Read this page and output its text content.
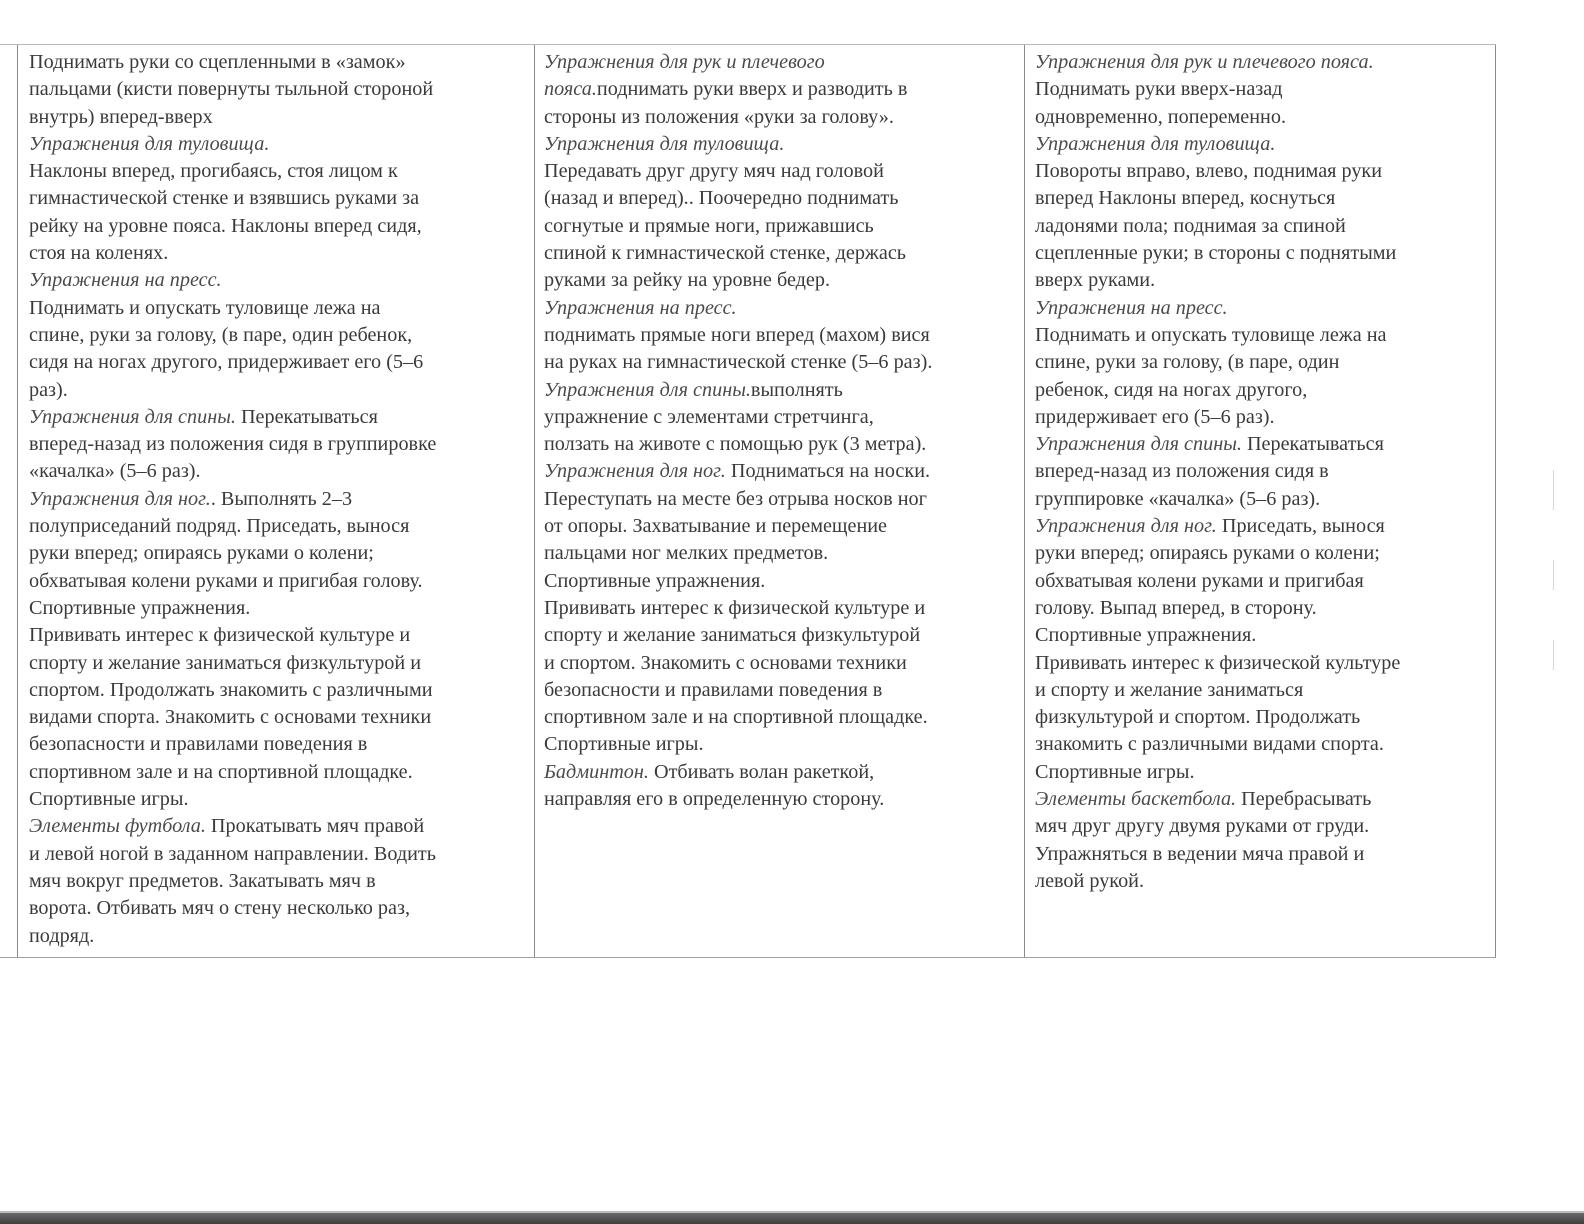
Поднимать руки со сцепленными в «замок»
пальцами (кисти повернуты тыльной стороной
внутрь) вперед-вверх
Упражнения для туловища.
Наклоны вперед, прогибаясь, стоя лицом к
гимнастической стенке и взявшись руками за
рейку на уровне пояса. Наклоны вперед сидя,
стоя на коленях.
Упражнения на пресс.
Поднимать и опускать туловище лежа на
спине, руки за голову, (в паре, один ребенок,
сидя на ногах другого, придерживает его (5–6
раз).
Упражнения для спины. Перекатываться
вперед-назад из положения сидя в группировке
«качалка» (5–6 раз).
Упражнения для ног.. Выполнять 2–3
полуприседаний подряд. Приседать, вынося
руки вперед; опираясь руками о колени;
обхватывая колени руками и пригибая голову.
Спортивные упражнения.
Прививать интерес к физической культуре и
спорту и желание заниматься физкультурой и
спортом. Продолжать знакомить с различными
видами спорта. Знакомить с основами техники
безопасности и правилами поведения в
спортивном зале и на спортивной площадке.
Спортивные игры.
Элементы футбола. Прокатывать мяч правой
и левой ногой в заданном направлении. Водить
мяч вокруг предметов. Закатывать мяч в
ворота. Отбивать мяч о стену несколько раз,
подряд.
Упражнения для рук и плечевого
пояса.поднимать руки вверх и разводить в
стороны из положения «руки за голову».
Упражнения для туловища.
Передавать друг другу мяч над головой
(назад и вперед).. Поочередно поднимать
согнутые и прямые ноги, прижавшись
спиной к гимнастической стенке, держась
руками за рейку на уровне бедер.
Упражнения на пресс.
поднимать прямые ноги вперед (махом) вися
на руках на гимнастической стенке (5–6 раз).
Упражнения для спины.выполнять
упражнение с элементами стретчинга,
ползать на животе с помощью рук (3 метра).
Упражнения для ног. Подниматься на носки.
Переступать на месте без отрыва носков ног
от опоры. Захватывание и перемещение
пальцами ног мелких предметов.
Спортивные упражнения.
Прививать интерес к физической культуре и
спорту и желание заниматься физкультурой
и спортом. Знакомить с основами техники
безопасности и правилами поведения в
спортивном зале и на спортивной площадке.
Спортивные игры.
Бадминтон. Отбивать волан ракеткой,
направляя его в определенную сторону.
Упражнения для рук и плечевого пояса.
Поднимать руки вверх-назад
одновременно, попеременно.
Упражнения для туловища.
Повороты вправо, влево, поднимая руки
вперед Наклоны вперед, коснуться
ладонями пола; поднимая за спиной
сцепленные руки; в стороны с поднятыми
вверх руками.
Упражнения на пресс.
Поднимать и опускать туловище лежа на
спине, руки за голову, (в паре, один
ребенок, сидя на ногах другого,
придерживает его (5–6 раз).
Упражнения для спины. Перекатываться
вперед-назад из положения сидя в
группировке «качалка» (5–6 раз).
Упражнения для ног. Приседать, вынося
руки вперед; опираясь руками о колени;
обхватывая колени руками и пригибая
голову. Выпад вперед, в сторону.
Спортивные упражнения.
Прививать интерес к физической культуре
и спорту и желание заниматься
физкультурой и спортом. Продолжать
знакомить с различными видами спорта.
Спортивные игры.
Элементы баскетбола. Перебрасывать
мяч друг другу двумя руками от груди.
Упражняться в ведении мяча правой и
левой рукой.
